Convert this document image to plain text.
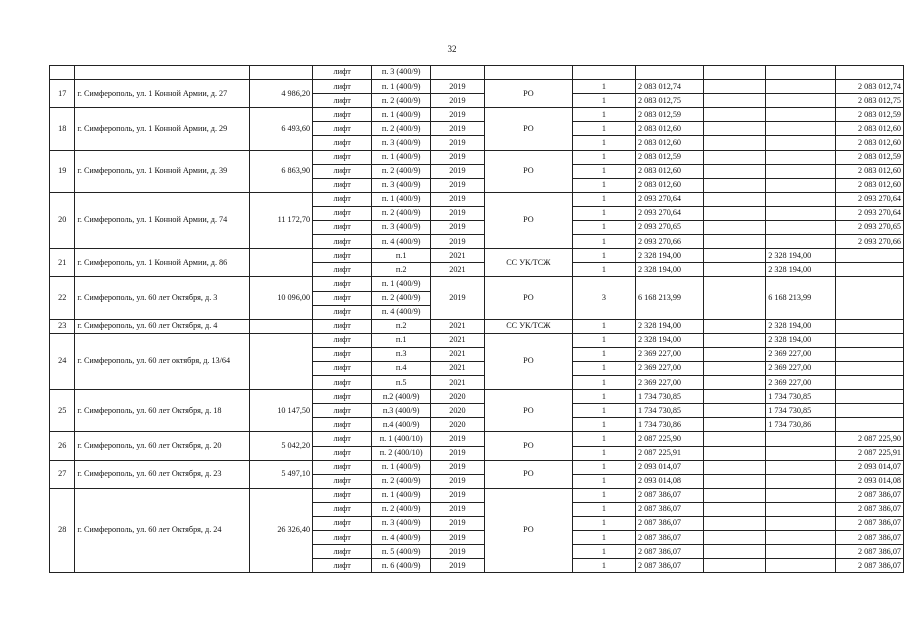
32
			лифт	п. 3 (400/9)							
17	г. Симферополь, ул. 1 Конной Армии, д. 27	4 986,20	лифт	п. 1 (400/9)	2019	РО	1	2 083 012,74			2 083 012,74
			лифт	п. 2 (400/9)	2019		1	2 083 012,75			2 083 012,75
18	г. Симферополь, ул. 1 Конной Армии, д. 29	6 493,60	лифт	п. 1 (400/9)	2019	РО	1	2 083 012,59			2 083 012,59
			лифт	п. 2 (400/9)	2019		1	2 083 012,60			2 083 012,60
			лифт	п. 3 (400/9)	2019		1	2 083 012,60			2 083 012,60
19	г. Симферополь, ул. 1 Конной Армии, д. 39	6 863,90	лифт	п. 1 (400/9)	2019	РО	1	2 083 012,59			2 083 012,59
			лифт	п. 2 (400/9)	2019		1	2 083 012,60			2 083 012,60
			лифт	п. 3 (400/9)	2019		1	2 083 012,60			2 083 012,60
20	г. Симферополь, ул. 1 Конной Армии, д. 74	11 172,70	лифт	п. 1 (400/9)	2019	РО	1	2 093 270,64			2 093 270,64
			лифт	п. 2 (400/9)	2019		1	2 093 270,64			2 093 270,64
			лифт	п. 3 (400/9)	2019		1	2 093 270,65			2 093 270,65
			лифт	п. 4 (400/9)	2019		1	2 093 270,66			2 093 270,66
21	г. Симферополь, ул. 1 Конной Армии, д. 86		лифт	п.1	2021	СС УК/ТСЖ	1	2 328 194,00		2 328 194,00	
			лифт	п.2	2021		1	2 328 194,00		2 328 194,00	
22	г. Симферополь, ул. 60 лет Октября, д. 3	10 096,00	лифт	п. 1 (400/9)	2019	РО	3	6 168 213,99		6 168 213,99	
			лифт	п. 2 (400/9)							
			лифт	п. 4 (400/9)							
23	г. Симферополь, ул. 60 лет Октября, д. 4		лифт	п.2	2021	СС УК/ТСЖ	1	2 328 194,00		2 328 194,00	
24	г. Симферополь, ул. 60 лет октября, д. 13/64		лифт	п.1	2021	РО	1	2 328 194,00		2 328 194,00	
			лифт	п.3	2021		1	2 369 227,00		2 369 227,00	
			лифт	п.4	2021		1	2 369 227,00		2 369 227,00	
			лифт	п.5	2021		1	2 369 227,00		2 369 227,00	
25	г. Симферополь, ул. 60 лет Октября, д. 18	10 147,50	лифт	п.2 (400/9)	2020	РО	1	1 734 730,85		1 734 730,85	
			лифт	п.3 (400/9)	2020		1	1 734 730,85		1 734 730,85	
			лифт	п.4 (400/9)	2020		1	1 734 730,86		1 734 730,86	
26	г. Симферополь, ул. 60 лет Октября, д. 20	5 042,20	лифт	п. 1 (400/10)	2019	РО	1	2 087 225,90			2 087 225,90
			лифт	п. 2 (400/10)	2019		1	2 087 225,91			2 087 225,91
27	г. Симферополь, ул. 60 лет Октября, д. 23	5 497,10	лифт	п. 1 (400/9)	2019	РО	1	2 093 014,07			2 093 014,07
			лифт	п. 2 (400/9)	2019		1	2 093 014,08			2 093 014,08
28	г. Симферополь, ул. 60 лет Октября, д. 24	26 326,40	лифт	п. 1 (400/9)	2019	РО	1	2 087 386,07			2 087 386,07
			лифт	п. 2 (400/9)	2019		1	2 087 386,07			2 087 386,07
			лифт	п. 3 (400/9)	2019		1	2 087 386,07			2 087 386,07
			лифт	п. 4 (400/9)	2019		1	2 087 386,07			2 087 386,07
			лифт	п. 5 (400/9)	2019		1	2 087 386,07			2 087 386,07
			лифт	п. 6 (400/9)	2019		1	2 087 386,07			2 087 386,07
